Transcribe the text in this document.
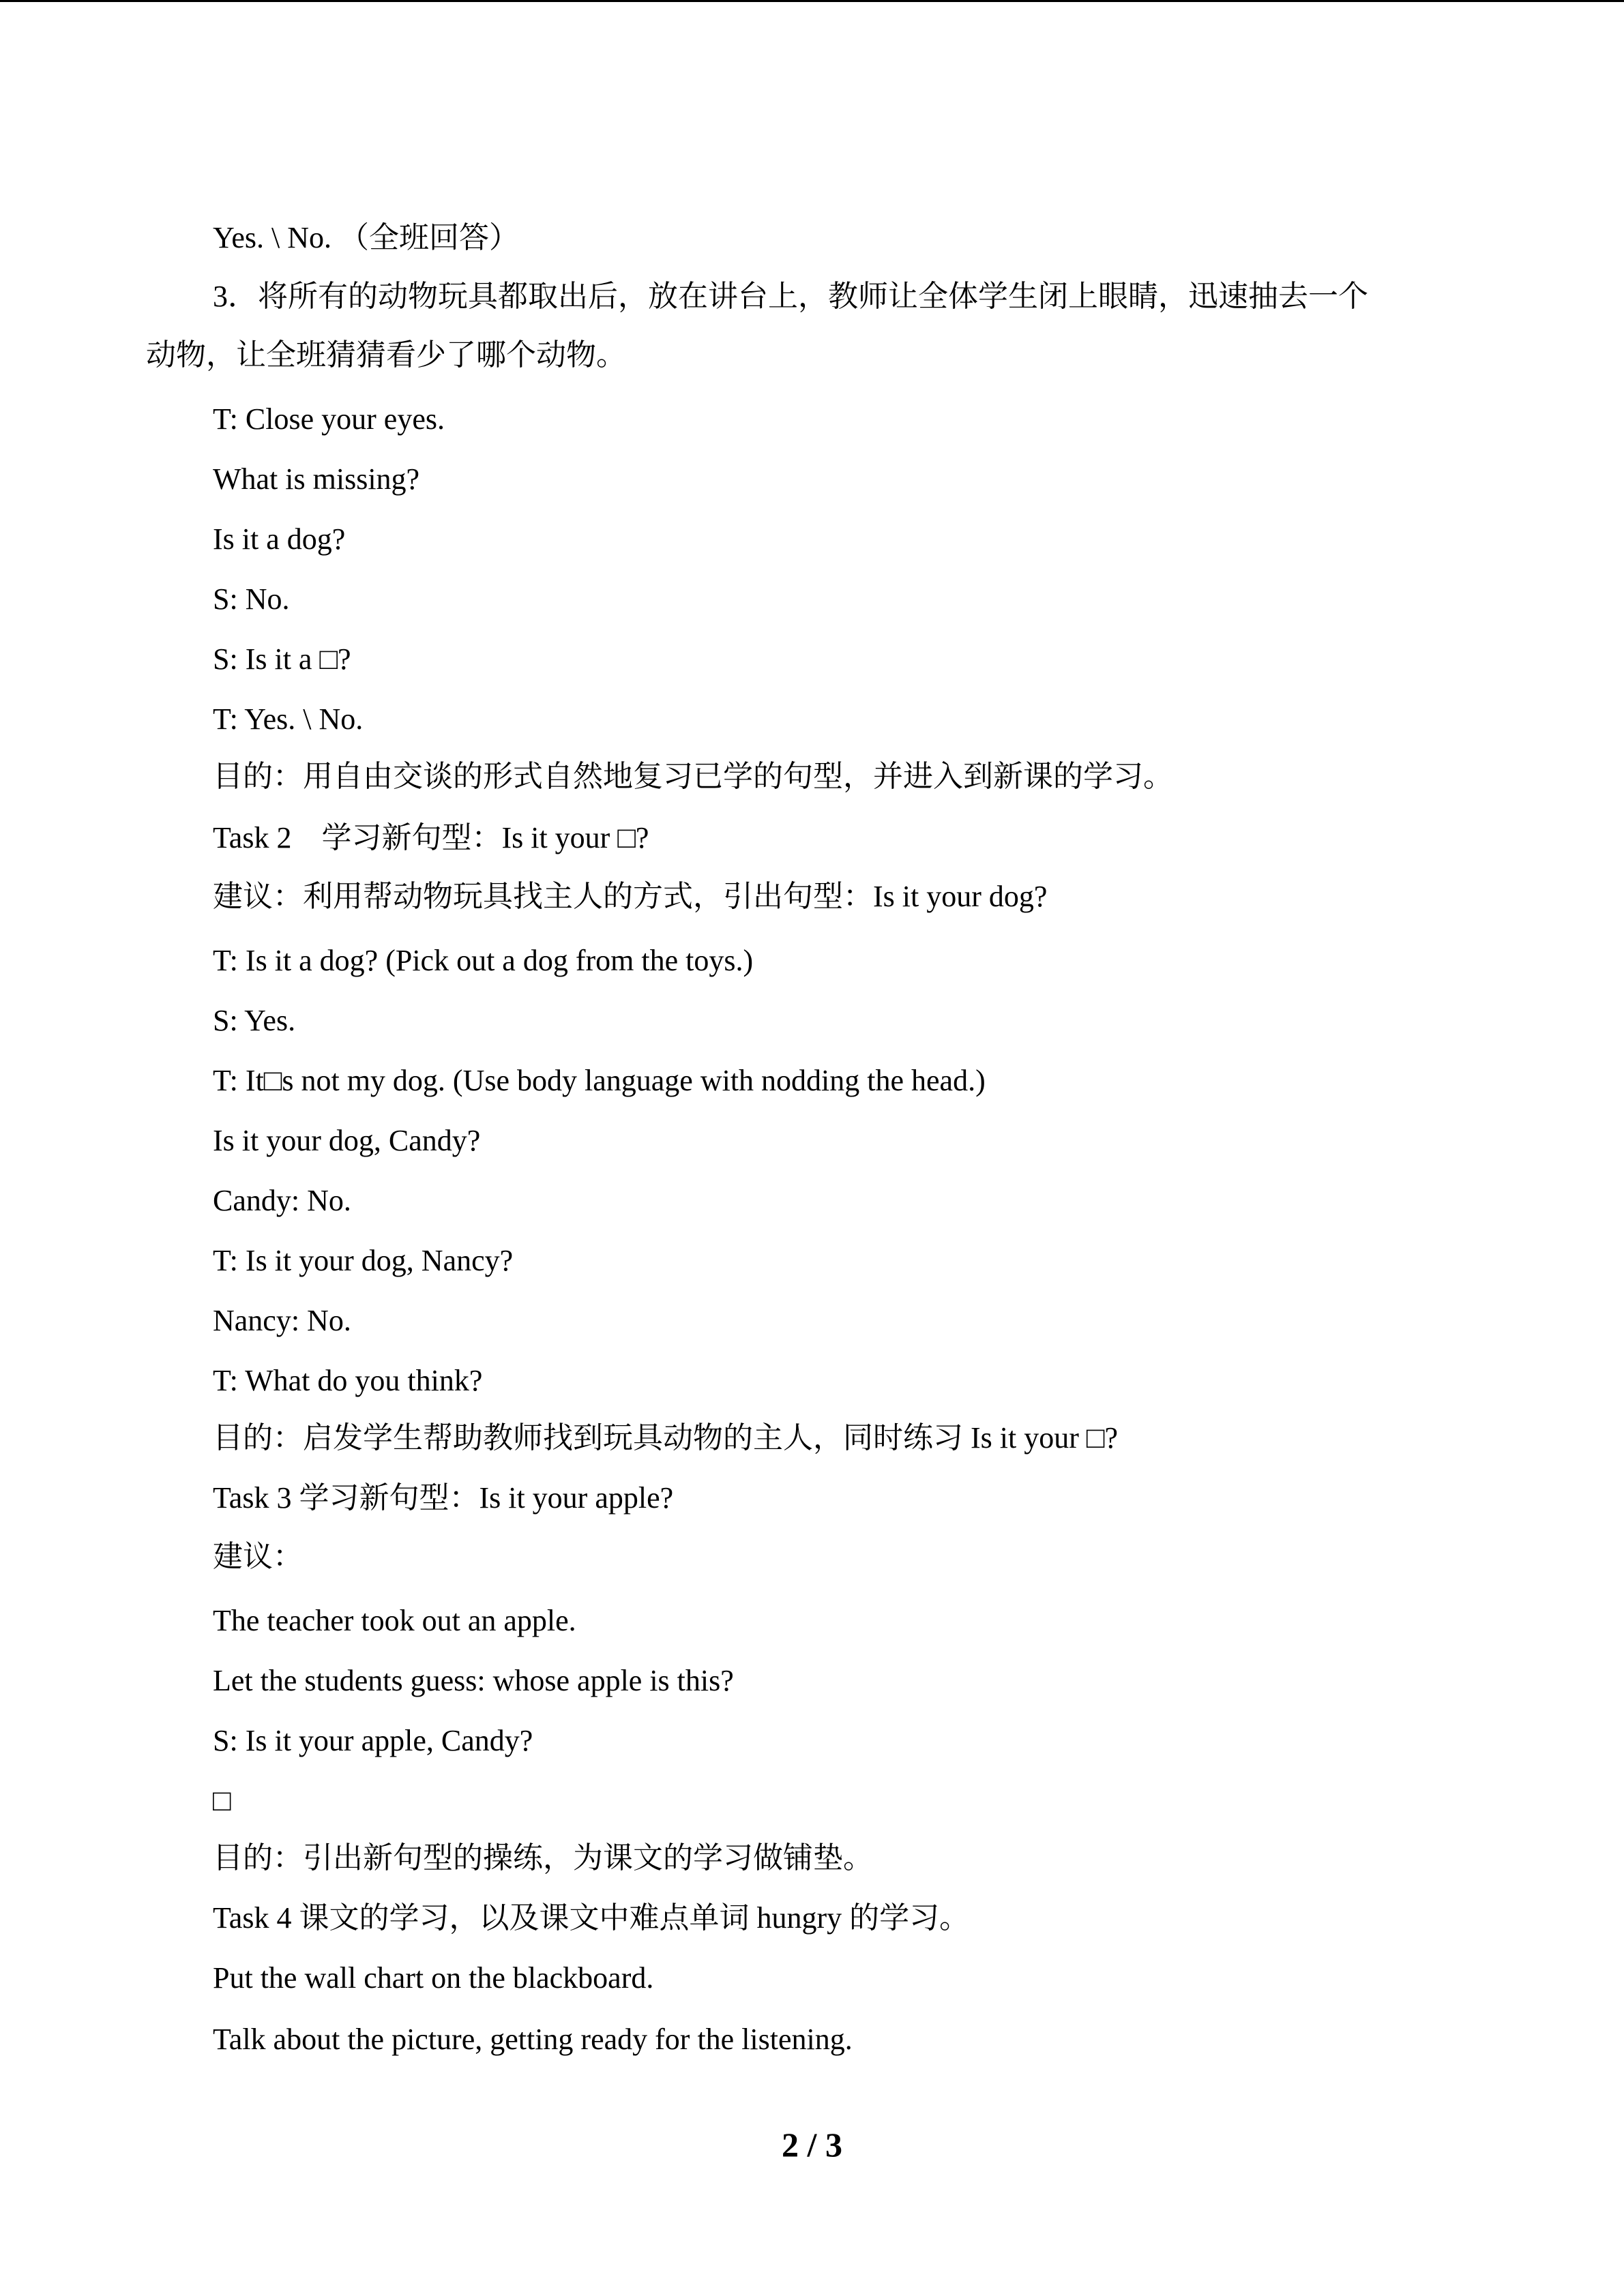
Yes. \ No. （全班回答）
3．将所有的动物玩具都取出后，放在讲台上，教师让全体学生闭上眼睛，迅速抽去一个
动物，让全班猜猜看少了哪个动物。
T: Close your eyes.
What is missing?
Is it a dog?
S: No.
S: Is it a □?
T: Yes. \ No.
目的：用自由交谈的形式自然地复习已学的句型，并进入到新课的学习。
Task 2　学习新句型：Is it your □?
建议：利用帮动物玩具找主人的方式，引出句型：Is it your dog?
T: Is it a dog? (Pick out a dog from the toys.)
S: Yes.
T: It□s not my dog. (Use body language with nodding the head.)
Is it your dog, Candy?
Candy: No.
T: Is it your dog, Nancy?
Nancy: No.
T: What do you think?
目的：启发学生帮助教师找到玩具动物的主人，同时练习 Is it your □?
Task 3 学习新句型：Is it your apple?
建议：
The teacher took out an apple.
Let the students guess: whose apple is this?
S: Is it your apple, Candy?
□
目的：引出新句型的操练，为课文的学习做铺垫。
Task 4 课文的学习，以及课文中难点单词 hungry 的学习。
Put the wall chart on the blackboard.
Talk about the picture, getting ready for the listening.
2 / 3
